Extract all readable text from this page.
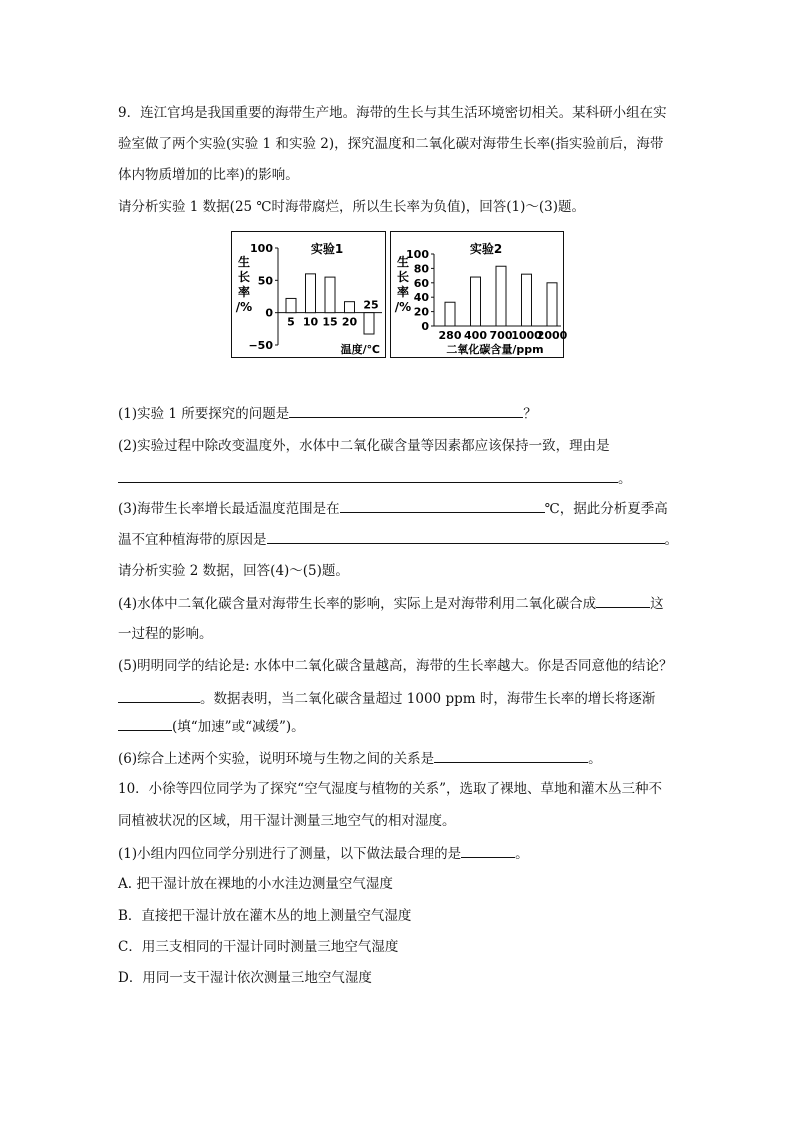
9．连江官坞是我国重要的海带生产地。海带的生长与其生活环境密切相关。某科研小组在实
验室做了两个实验(实验 1 和实验 2)，探究温度和二氧化碳对海带生长率(指实验前后，海带
体内物质增加的比率)的影响。
请分析实验 1 数据(25 ℃时海带腐烂，所以生长率为负值)，回答(1)～(3)题。
实验1
生
长
率
/%
100
50
0
−50
5 10 15 20
25
温度/℃
实验2
生
长
率
/%
100
80
60
40
20
0
280 400 700
1000
2000
二氧化碳含量/ppm
(1)实验 1 所要探究的问题是	？
(2)实验过程中除改变温度外，水体中二氧化碳含量等因素都应该保持一致，理由是
。
(3)海带生长率增长最适温度范围是在	℃，据此分析夏季高
温不宜种植海带的原因是	。
请分析实验 2 数据，回答(4)～(5)题。
(4)水体中二氧化碳含量对海带生长率的影响，实际上是对海带利用二氧化碳合成	这
一过程的影响。
(5)明明同学的结论是: 水体中二氧化碳含量越高，海带的生长率越大。你是否同意他的结论？
。数据表明，当二氧化碳含量超过 1000 ppm 时，海带生长率的增长将逐渐
(填“加速”或“减缓”)。
(6)综合上述两个实验，说明环境与生物之间的关系是	。
10．小徐等四位同学为了探究“空气湿度与植物的关系”，选取了裸地、草地和灌木丛三种不
同植被状况的区域，用干湿计测量三地空气的相对湿度。
(1)小组内四位同学分别进行了测量，以下做法最合理的是	。
A. 把干湿计放在裸地的小水洼边测量空气湿度
B．直接把干湿计放在灌木丛的地上测量空气湿度
C．用三支相同的干湿计同时测量三地空气湿度
D．用同一支干湿计依次测量三地空气湿度
